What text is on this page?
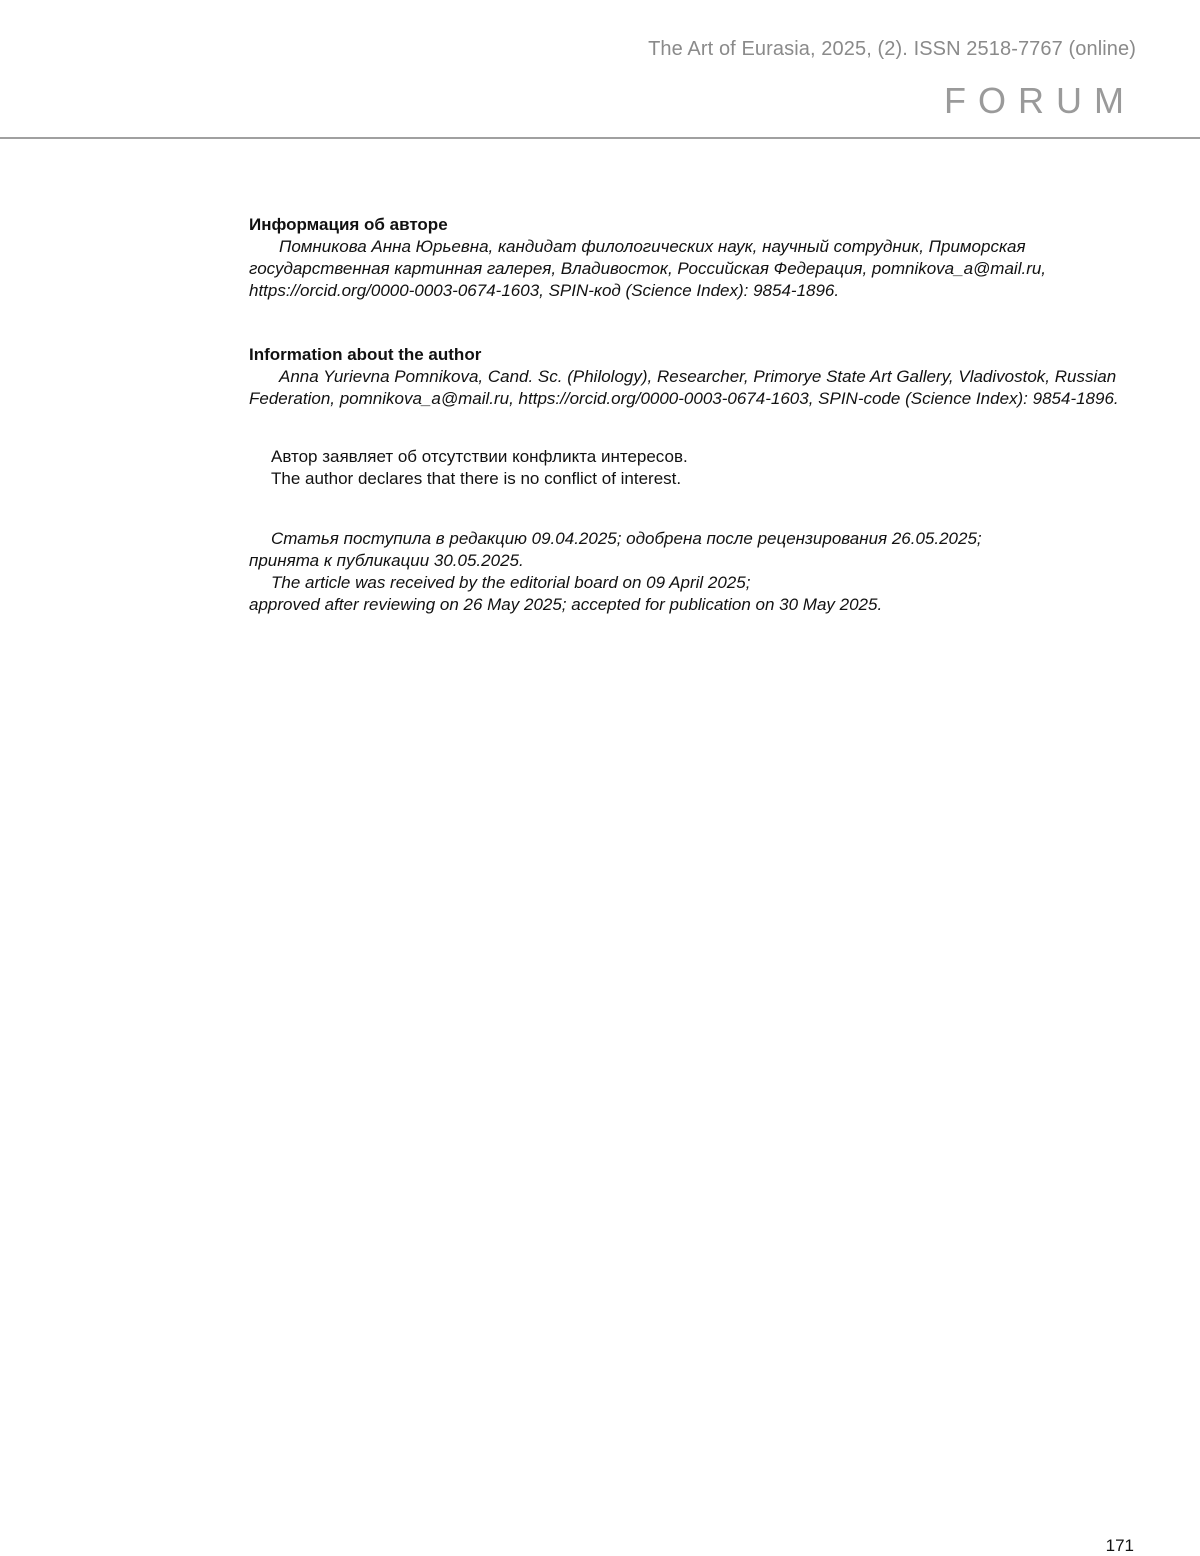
The Art of Eurasia, 2025, (2). ISSN 2518-7767 (online)
FORUM
Информация об авторе
Помникова Анна Юрьевна, кандидат филологических наук, научный сотрудник, Приморская государственная картинная галерея, Владивосток, Российская Федерация, pomnikova_a@mail.ru, https://orcid.org/0000-0003-0674-1603, SPIN-код (Science Index): 9854-1896.
Information about the author
Anna Yurievna Pomnikova, Cand. Sc. (Philology), Researcher, Primorye State Art Gallery, Vladivostok, Russian Federation, pomnikova_a@mail.ru, https://orcid.org/0000-0003-0674-1603, SPIN-code (Science Index): 9854-1896.
Автор заявляет об отсутствии конфликта интересов.
The author declares that there is no conflict of interest.
Статья поступила в редакцию 09.04.2025; одобрена после рецензирования 26.05.2025;
принята к публикации 30.05.2025.
The article was received by the editorial board on 09 April 2025;
approved after reviewing on 26 May 2025; accepted for publication on 30 May 2025.
171
